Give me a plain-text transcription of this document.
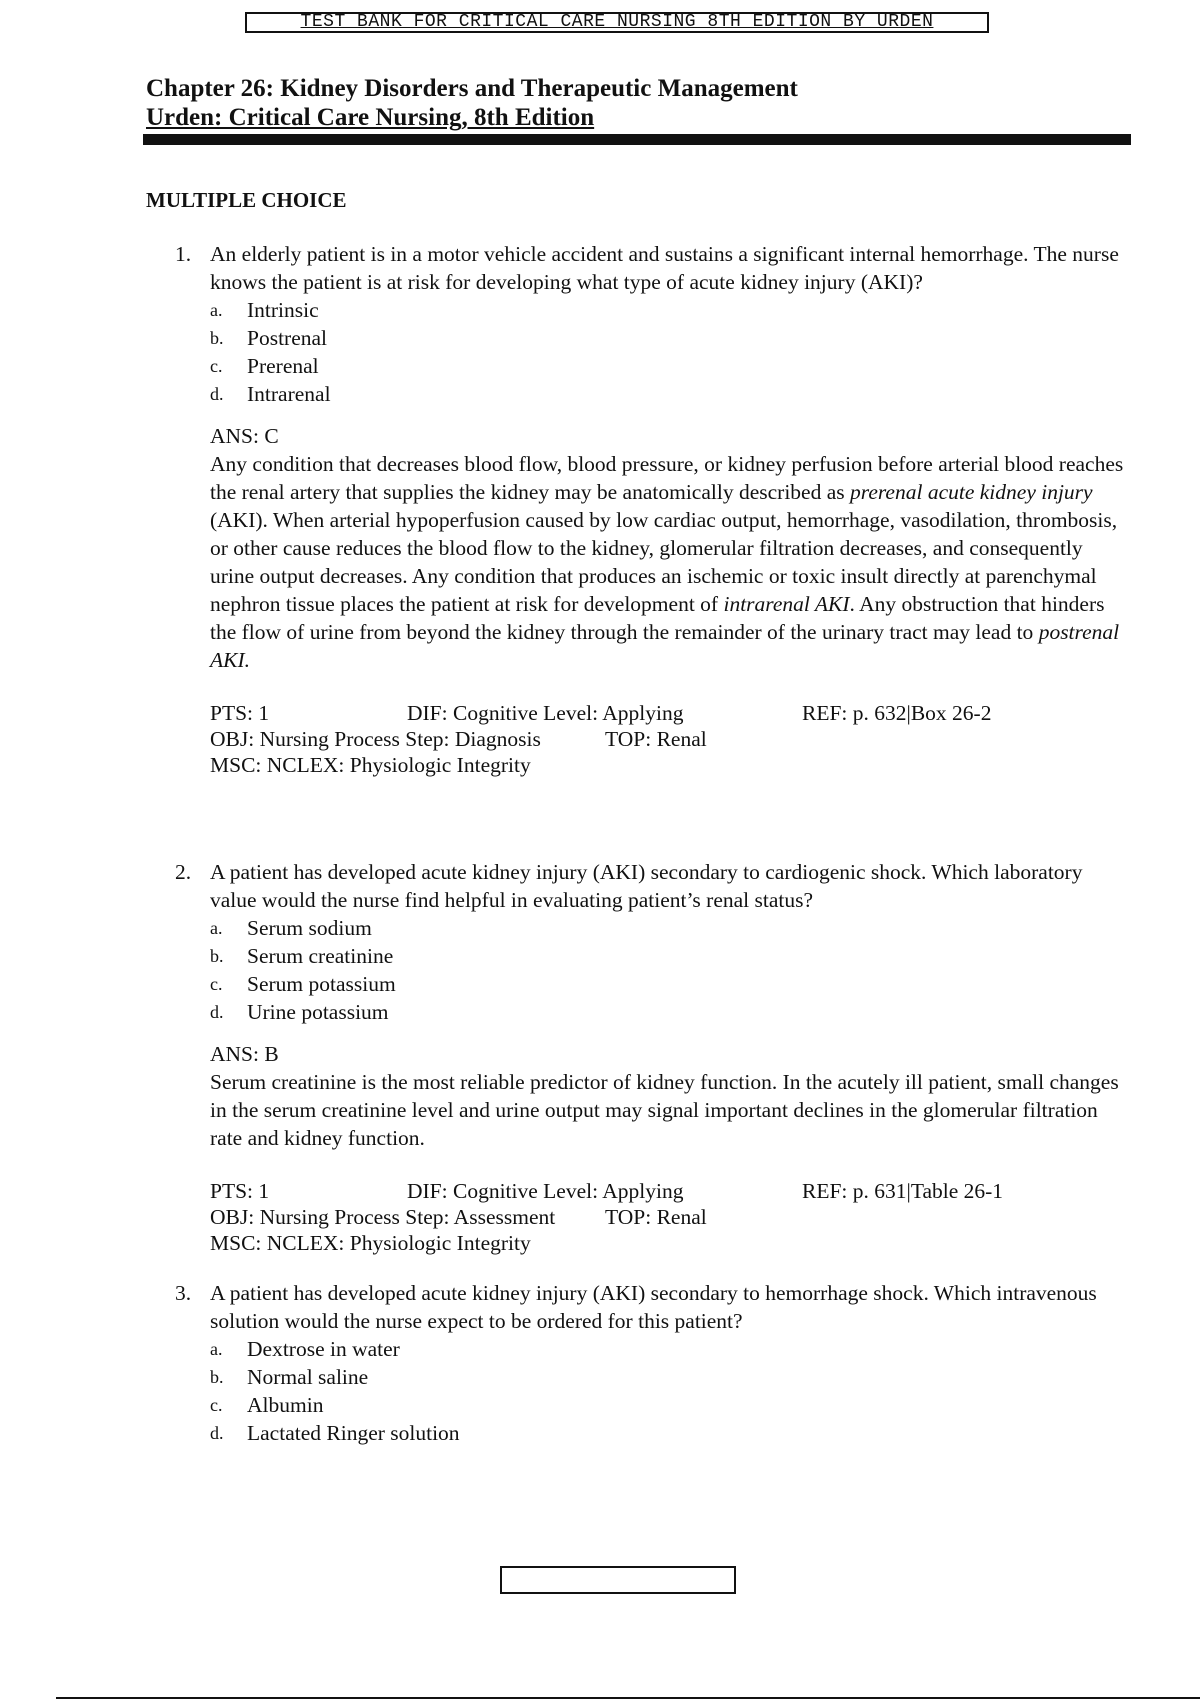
TEST BANK FOR CRITICAL CARE NURSING 8TH EDITION BY URDEN
Chapter 26: Kidney Disorders and Therapeutic Management
Urden: Critical Care Nursing, 8th Edition
MULTIPLE CHOICE
1. An elderly patient is in a motor vehicle accident and sustains a significant internal hemorrhage. The nurse knows the patient is at risk for developing what type of acute kidney injury (AKI)?
a. Intrinsic
b. Postrenal
c. Prerenal
d. Intrarenal
ANS: C
Any condition that decreases blood flow, blood pressure, or kidney perfusion before arterial blood reaches the renal artery that supplies the kidney may be anatomically described as prerenal acute kidney injury (AKI). When arterial hypoperfusion caused by low cardiac output, hemorrhage, vasodilation, thrombosis, or other cause reduces the blood flow to the kidney, glomerular filtration decreases, and consequently urine output decreases. Any condition that produces an ischemic or toxic insult directly at parenchymal nephron tissue places the patient at risk for development of intrarenal AKI. Any obstruction that hinders the flow of urine from beyond the kidney through the remainder of the urinary tract may lead to postrenal AKI.
PTS: 1	DIF: Cognitive Level: Applying	REF: p. 632|Box 26-2
OBJ: Nursing Process Step: Diagnosis	TOP: Renal
MSC: NCLEX: Physiologic Integrity
2. A patient has developed acute kidney injury (AKI) secondary to cardiogenic shock. Which laboratory value would the nurse find helpful in evaluating patient’s renal status?
a. Serum sodium
b. Serum creatinine
c. Serum potassium
d. Urine potassium
ANS: B
Serum creatinine is the most reliable predictor of kidney function. In the acutely ill patient, small changes in the serum creatinine level and urine output may signal important declines in the glomerular filtration rate and kidney function.
PTS: 1	DIF: Cognitive Level: Applying	REF: p. 631|Table 26-1
OBJ: Nursing Process Step: Assessment TOP: Renal
MSC: NCLEX: Physiologic Integrity
3. A patient has developed acute kidney injury (AKI) secondary to hemorrhage shock. Which intravenous solution would the nurse expect to be ordered for this patient?
a. Dextrose in water
b. Normal saline
c. Albumin
d. Lactated Ringer solution
